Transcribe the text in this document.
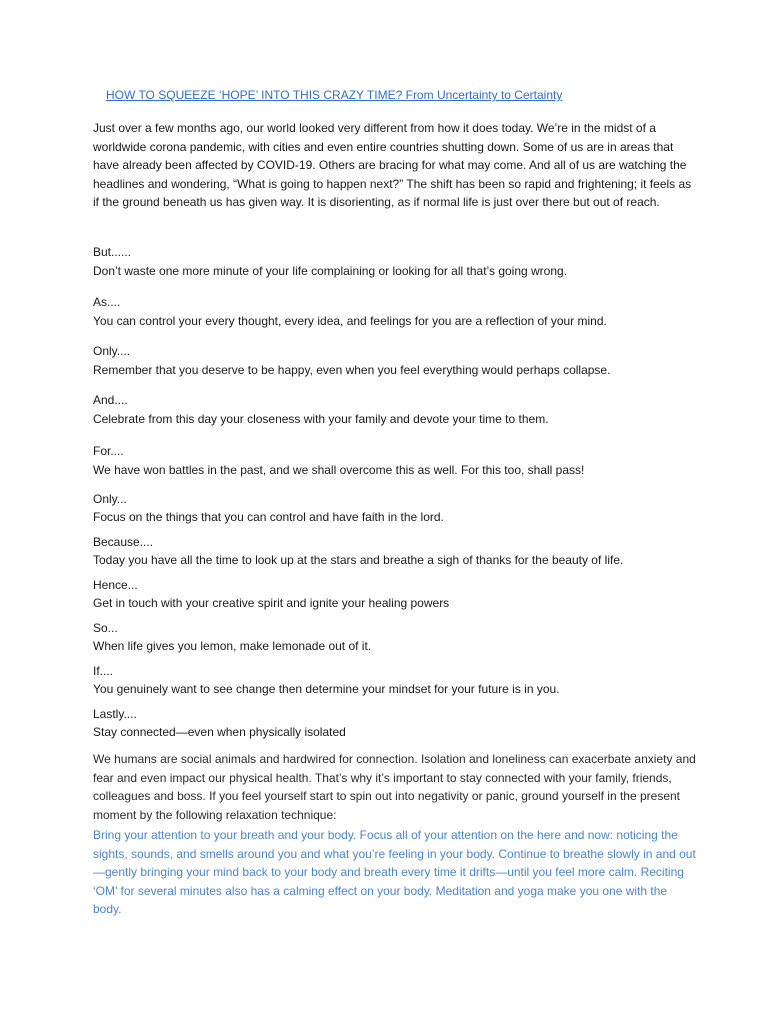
HOW TO SQUEEZE ‘HOPE’ INTO THIS CRAZY TIME? From Uncertainty to Certainty
Just over a few months ago, our world looked very different from how it does today. We’re in the midst of a worldwide corona pandemic, with cities and even entire countries shutting down. Some of us are in areas that have already been affected by COVID-19. Others are bracing for what may come. And all of us are watching the headlines and wondering, “What is going to happen next?” The shift has been so rapid and frightening; it feels as if the ground beneath us has given way. It is disorienting, as if normal life is just over there but out of reach.
But......
Don’t waste one more minute of your life complaining or looking for all that’s going wrong.
As....
You can control your every thought, every idea, and feelings for you are a reflection of your mind.
Only....
Remember that you deserve to be happy, even when you feel everything would perhaps collapse.
And....
Celebrate from this day your closeness with your family and devote your time to them.
For....
We have won battles in the past, and we shall overcome this as well. For this too, shall pass!
Only...
Focus on the things that you can control and have faith in the lord.
Because....
Today you have all the time to look up at the stars and breathe a sigh of thanks for the beauty of life.
Hence...
Get in touch with your creative spirit and ignite your healing powers
So...
When life gives you lemon, make lemonade out of it.
If....
You genuinely want to see change then determine your mindset for your future is in you.
Lastly....
Stay connected—even when physically isolated
We humans are social animals and hardwired for connection. Isolation and loneliness can exacerbate anxiety and fear and even impact our physical health. That’s why it’s important to stay connected with your family, friends, colleagues and boss. If you feel yourself start to spin out into negativity or panic, ground yourself in the present moment by the following relaxation technique:
Bring your attention to your breath and your body. Focus all of your attention on the here and now: noticing the sights, sounds, and smells around you and what you’re feeling in your body. Continue to breathe slowly in and out—gently bringing your mind back to your body and breath every time it drifts—until you feel more calm. Reciting ‘OM’ for several minutes also has a calming effect on your body. Meditation and yoga make you one with the body.
